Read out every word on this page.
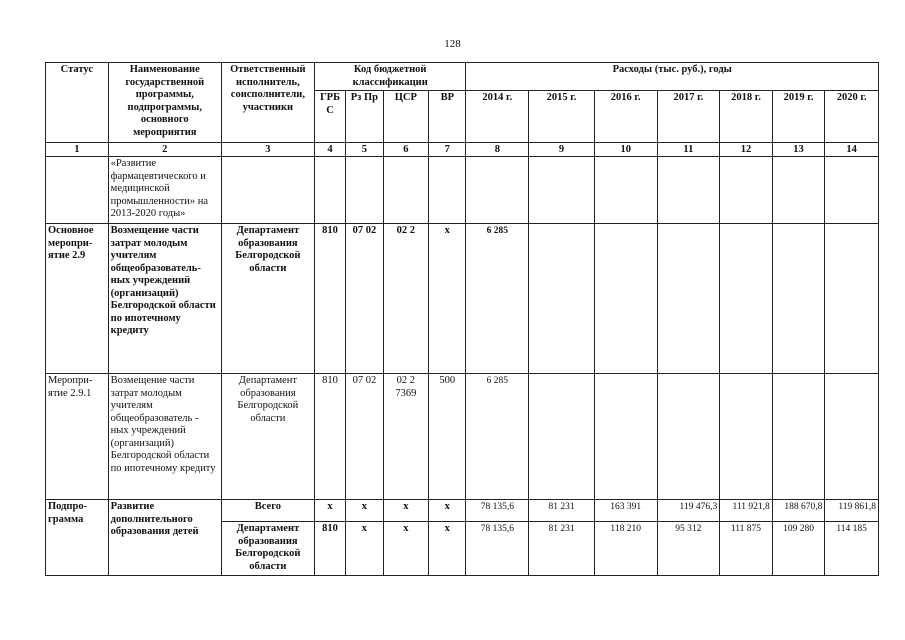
128
Статус	Наименование государственной программы, подпрограммы, основного мероприятия	Ответственный исполнитель, соисполнители, участники	Код бюджетной классификации				Расходы (тыс. руб.), годы						
			ГРБ С	Рз Пр	ЦСР	ВР	2014 г.	2015 г.	2016 г.	2017 г.	2018 г.	2019 г.	2020 г.
1	2	3	4	5	6	7	8	9	10	11	12	13	14
	«Развитие фармацевтического и медицинской промышленности» на 2013-2020 годы»												
Основное меропри-ятие 2.9	Возмещение части затрат молодым учителям общеобразователь-ных учреждений (организаций) Белгородской области по ипотечному кредиту	Департамент образования Белгородской области	810	07 02	02 2	х	6 285						
Меропри-ятие 2.9.1	Возмещение части затрат молодым учителям общеобразователь - ных учреждений (организаций) Белгородской области по ипотечному кредиту	Департамент образования Белгородской области	810	07 02	02 2 7369	500	6 285						
Подпро-грамма	Развитие дополнительного образования детей	Всего	х	х	х	х	78 135,6	81 231	163 391	119 476,3	111 921,8	188 670,8	119 861,8
		Департамент образования Белгородской области	810	х	х	х	78 135,6	81 231	118 210	95 312	111 875	109 280	114 185
